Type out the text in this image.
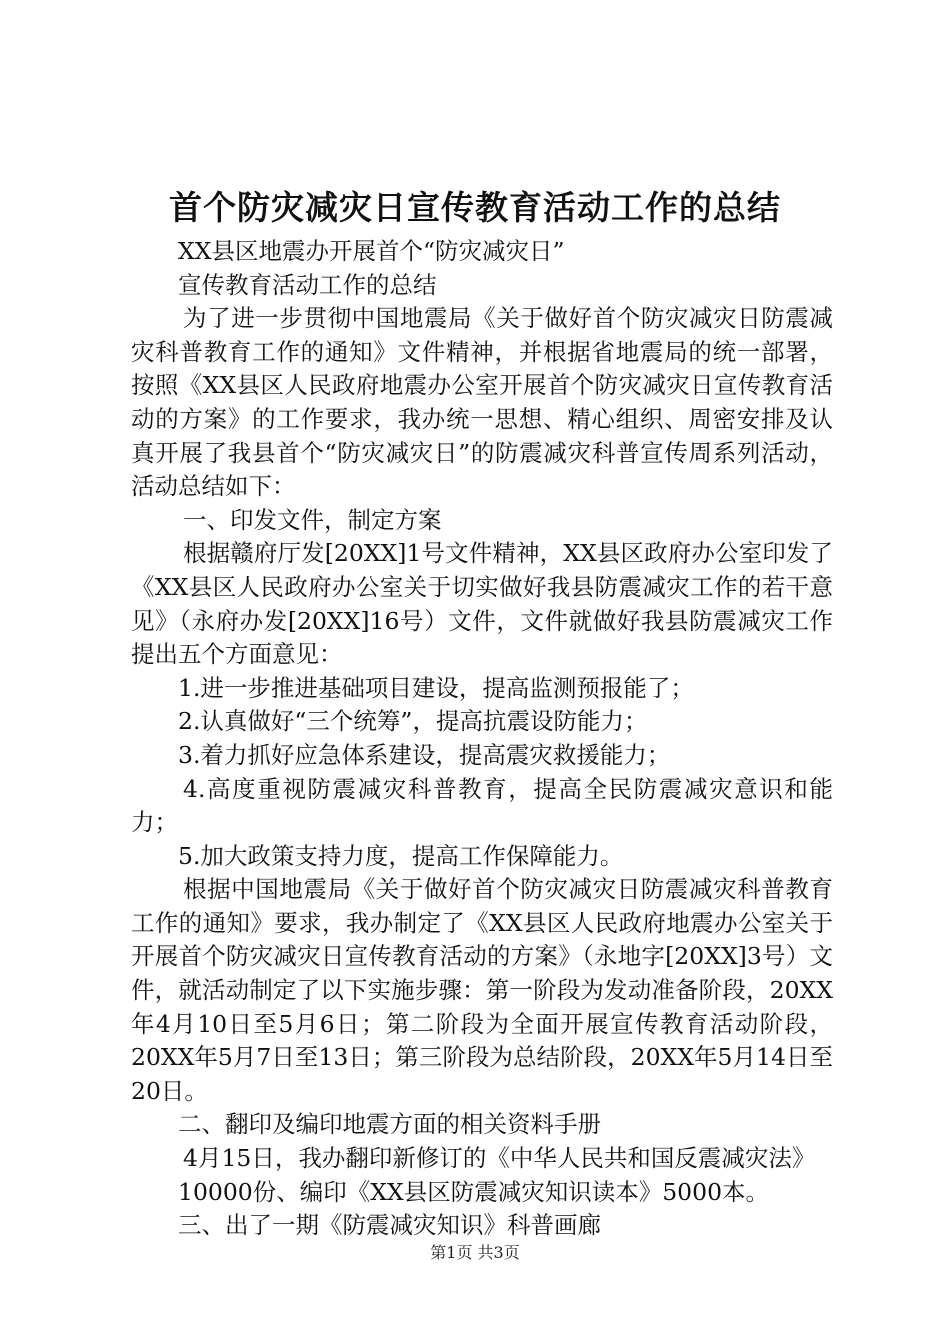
首个防灾减灾日宣传教育活动工作的总结

XX县区地震办开展首个“防灾减灾日”

宣传教育活动工作的总结

为了进一步贯彻中国地震局《关于做好首个防灾减灾日防震减灾科普教育工作的通知》文件精神，并根据省地震局的统一部署，按照《XX县区人民政府地震办公室开展首个防灾减灾日宣传教育活动的方案》的工作要求，我办统一思想、精心组织、周密安排及认真开展了我县首个“防灾减灾日”的防震减灾科普宣传周系列活动，活动总结如下：

一、印发文件，制定方案

根据赣府厅发[20XX]1号文件精神，XX县区政府办公室印发了《XX县区人民政府办公室关于切实做好我县防震减灾工作的若干意见》（永府办发[20XX]16号）文件，文件就做好我县防震减灾工作提出五个方面意见：

1.进一步推进基础项目建设，提高监测预报能了；

2.认真做好“三个统筹”，提高抗震设防能力；

3.着力抓好应急体系建设，提高震灾救援能力；

4.高度重视防震减灾科普教育，提高全民防震减灾意识和能力；

5.加大政策支持力度，提高工作保障能力。

根据中国地震局《关于做好首个防灾减灾日防震减灾科普教育工作的通知》要求，我办制定了《XX县区人民政府地震办公室关于开展首个防灾减灾日宣传教育活动的方案》（永地字[20XX]3号）文件，就活动制定了以下实施步骤：第一阶段为发动准备阶段，20XX年4月10日至5月6日；第二阶段为全面开展宣传教育活动阶段，20XX年5月7日至13日；第三阶段为总结阶段，20XX年5月14日至20日。

二、翻印及编印地震方面的相关资料手册

4月15日，我办翻印新修订的《中华人民共和国反震减灾法》

10000份、编印《XX县区防震减灾知识读本》5000本。

三、出了一期《防震减灾知识》科普画廊

第1页 共3页
